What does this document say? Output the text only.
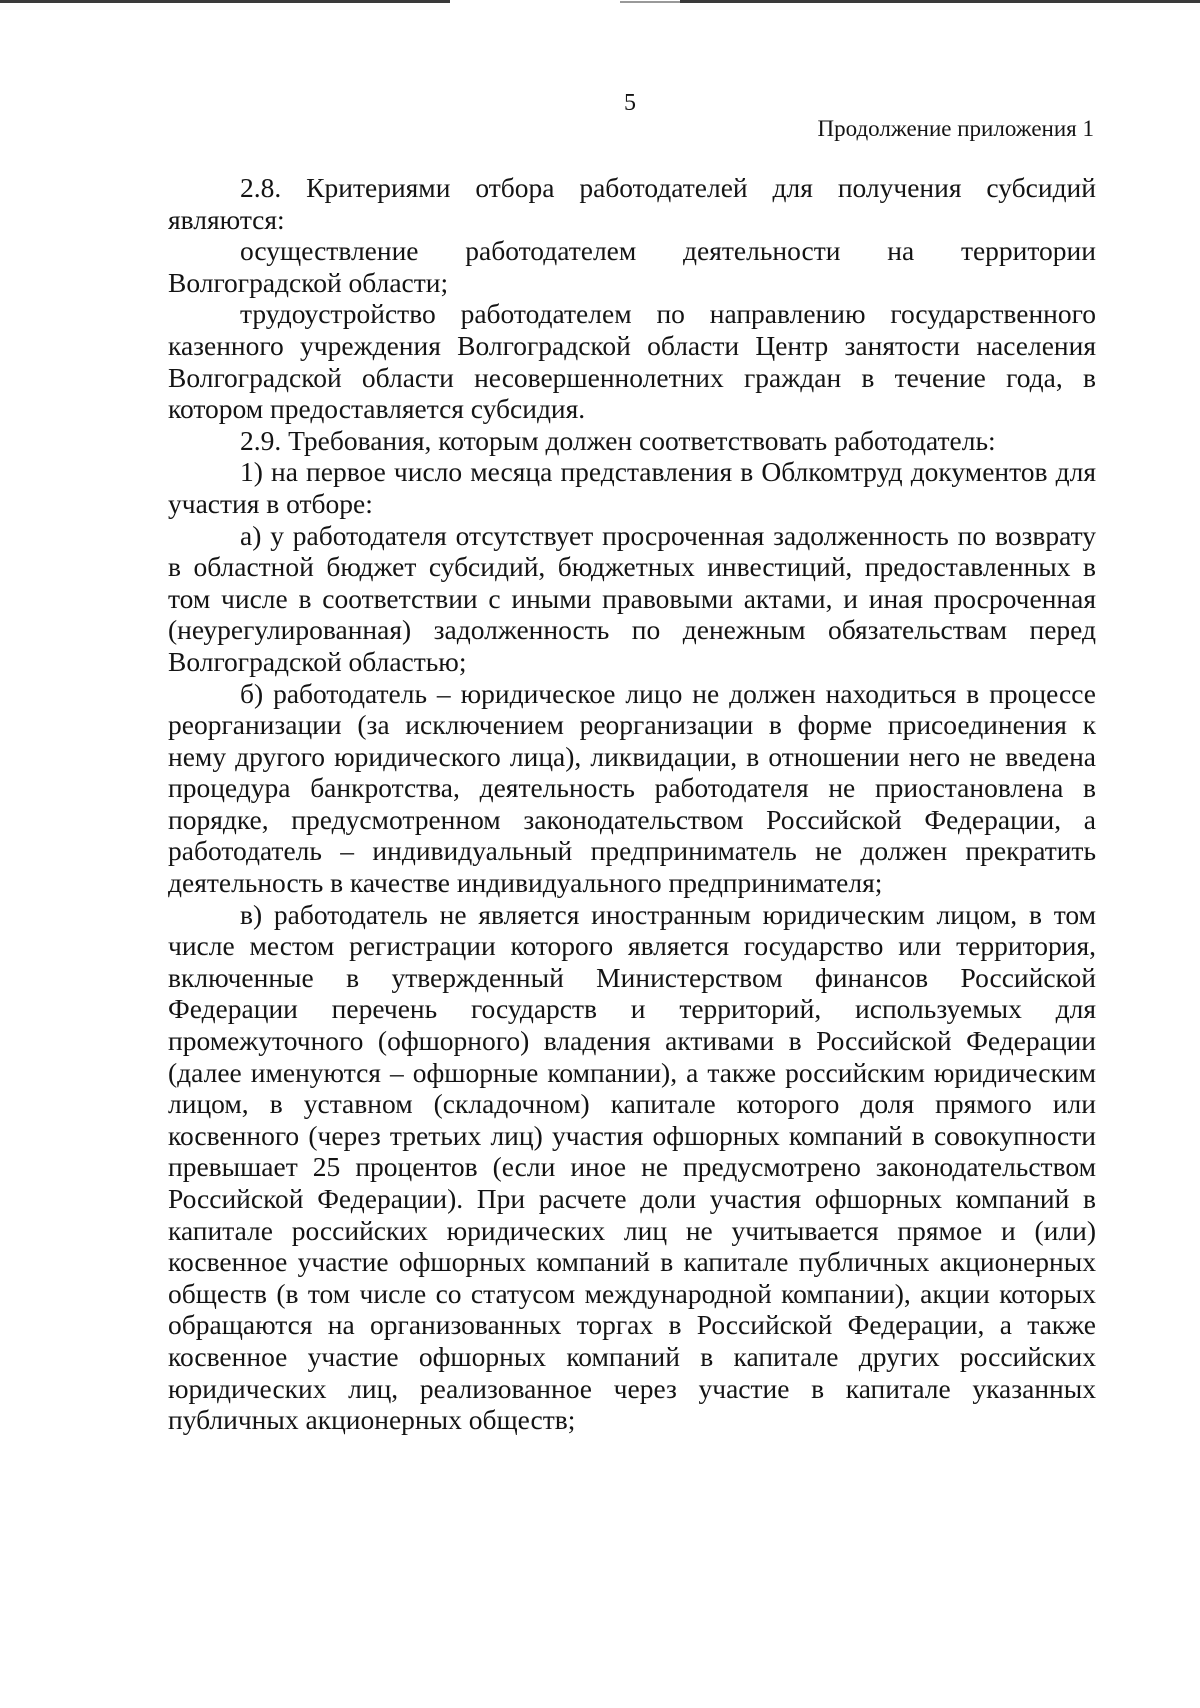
5
Продолжение приложения 1

2.8. Критериями отбора работодателей для получения субсидий являются:

осуществление работодателем деятельности на территории Волгоградской области;

трудоустройство работодателем по направлению государственного казенного учреждения Волгоградской области Центр занятости населения Волгоградской области несовершеннолетних граждан в течение года, в котором предоставляется субсидия.

2.9. Требования, которым должен соответствовать работодатель:

1) на первое число месяца представления в Облкомтруд документов для участия в отборе:

а) у работодателя отсутствует просроченная задолженность по возврату в областной бюджет субсидий, бюджетных инвестиций, предоставленных в том числе в соответствии с иными правовыми актами, и иная просроченная (неурегулированная) задолженность по денежным обязательствам перед Волгоградской областью;

б) работодатель – юридическое лицо не должен находиться в процессе реорганизации (за исключением реорганизации в форме присоединения к нему другого юридического лица), ликвидации, в отношении него не введена процедура банкротства, деятельность работодателя не приостановлена в порядке, предусмотренном законодательством Российской Федерации, а работодатель – индивидуальный предприниматель не должен прекратить деятельность в качестве индивидуального предпринимателя;

в) работодатель не является иностранным юридическим лицом, в том числе местом регистрации которого является государство или территория, включенные в утвержденный Министерством финансов Российской Федерации перечень государств и территорий, используемых для промежуточного (офшорного) владения активами в Российской Федерации (далее именуются – офшорные компании), а также российским юридическим лицом, в уставном (складочном) капитале которого доля прямого или косвенного (через третьих лиц) участия офшорных компаний в совокупности превышает 25 процентов (если иное не предусмотрено законодательством Российской Федерации). При расчете доли участия офшорных компаний в капитале российских юридических лиц не учитывается прямое и (или) косвенное участие офшорных компаний в капитале публичных акционерных обществ (в том числе со статусом международной компании), акции которых обращаются на организованных торгах в Российской Федерации, а также косвенное участие офшорных компаний в капитале других российских юридических лиц, реализованное через участие в капитале указанных публичных акционерных обществ;
